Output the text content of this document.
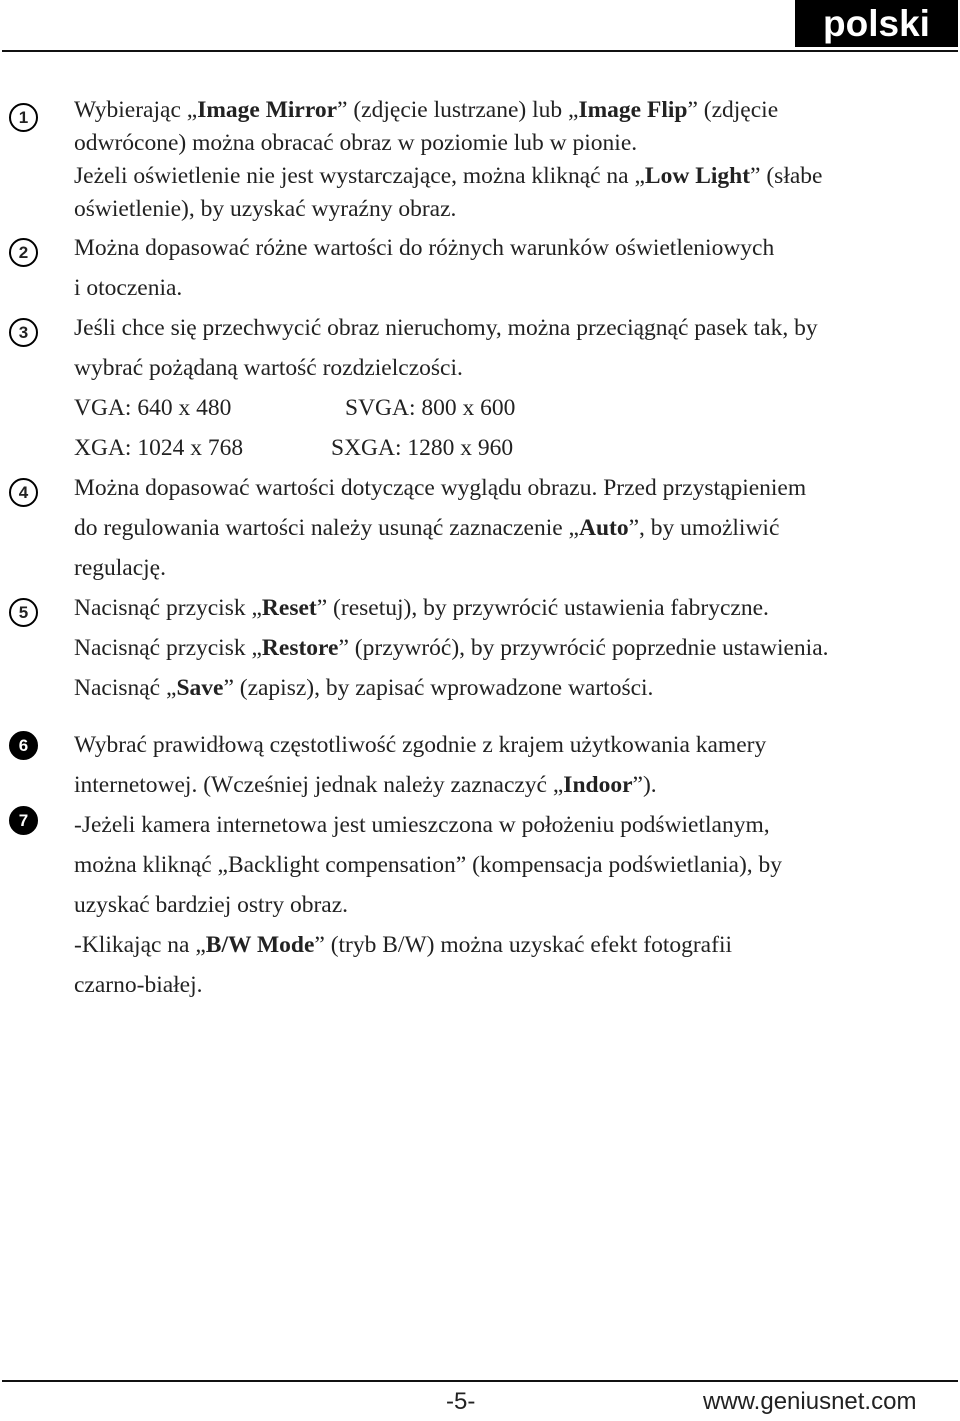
polski
1
2
3
4
5
6
7
Wybierając „Image Mirror” (zdjęcie lustrzane) lub „Image Flip” (zdjęcie
odwrócone) można obracać obraz w poziomie lub w pionie.
Jeżeli oświetlenie nie jest wystarczające, można kliknąć na „Low Light” (słabe
oświetlenie), by uzyskać wyraźny obraz.
Można dopasować różne wartości do różnych warunków oświetleniowych
i otoczenia.
Jeśli chce się przechwycić obraz nieruchomy, można przeciągnąć pasek tak, by
wybrać pożądaną wartość rozdzielczości.
VGA: 640 x 480	SVGA: 800 x 600
XGA: 1024 x 768	SXGA: 1280 x 960
Można dopasować wartości dotyczące wyglądu obrazu. Przed przystąpieniem
do regulowania wartości należy usunąć zaznaczenie „Auto”, by umożliwić
regulację.
Nacisnąć przycisk „Reset” (resetuj), by przywrócić ustawienia fabryczne.
Nacisnąć przycisk „Restore” (przywróć), by przywrócić poprzednie ustawienia.
Nacisnąć „Save” (zapisz), by zapisać wprowadzone wartości.
Wybrać prawidłową częstotliwość zgodnie z krajem użytkowania kamery
internetowej. (Wcześniej jednak należy zaznaczyć „Indoor”).
-Jeżeli kamera internetowa jest umieszczona w położeniu podświetlanym,
można kliknąć „Backlight compensation” (kompensacja podświetlania), by
uzyskać bardziej ostry obraz.
-Klikając na „B/W Mode” (tryb B/W) można uzyskać efekt fotografii
czarno-białej.
-5-	www.geniusnet.com
